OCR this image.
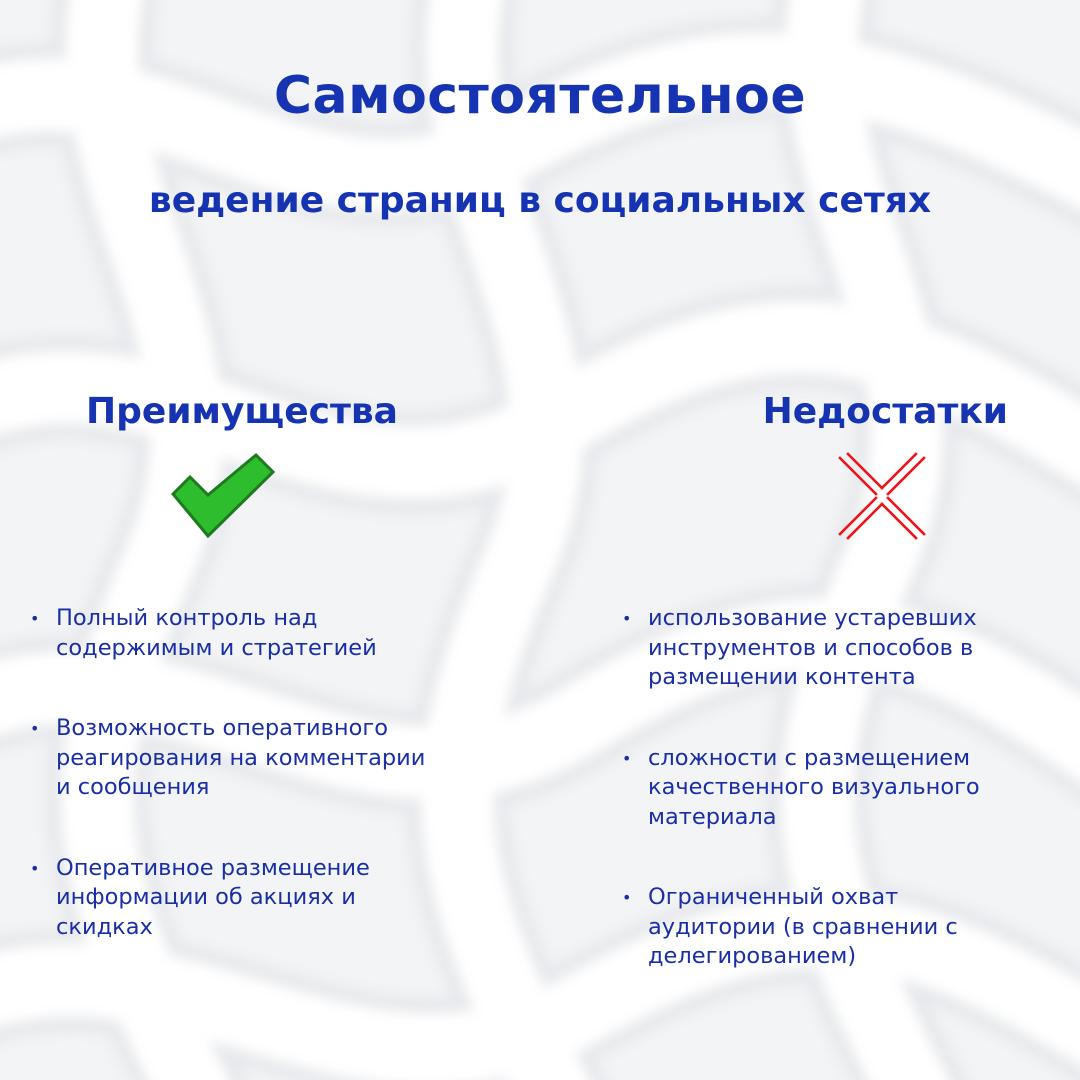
Самостоятельное
ведение страниц в социальных сетях
Преимущества	Недостатки
• Полный контроль над
содержимым и стратегией
• Возможность оперативного
реагирования на комментарии
и сообщения
• Оперативное размещение
информации об акциях и
скидках
• использование устаревших
инструментов и способов в
размещении контента
• сложности с размещением
качественного визуального
материала
• Ограниченный охват
аудитории (в сравнении с
делегированием)
